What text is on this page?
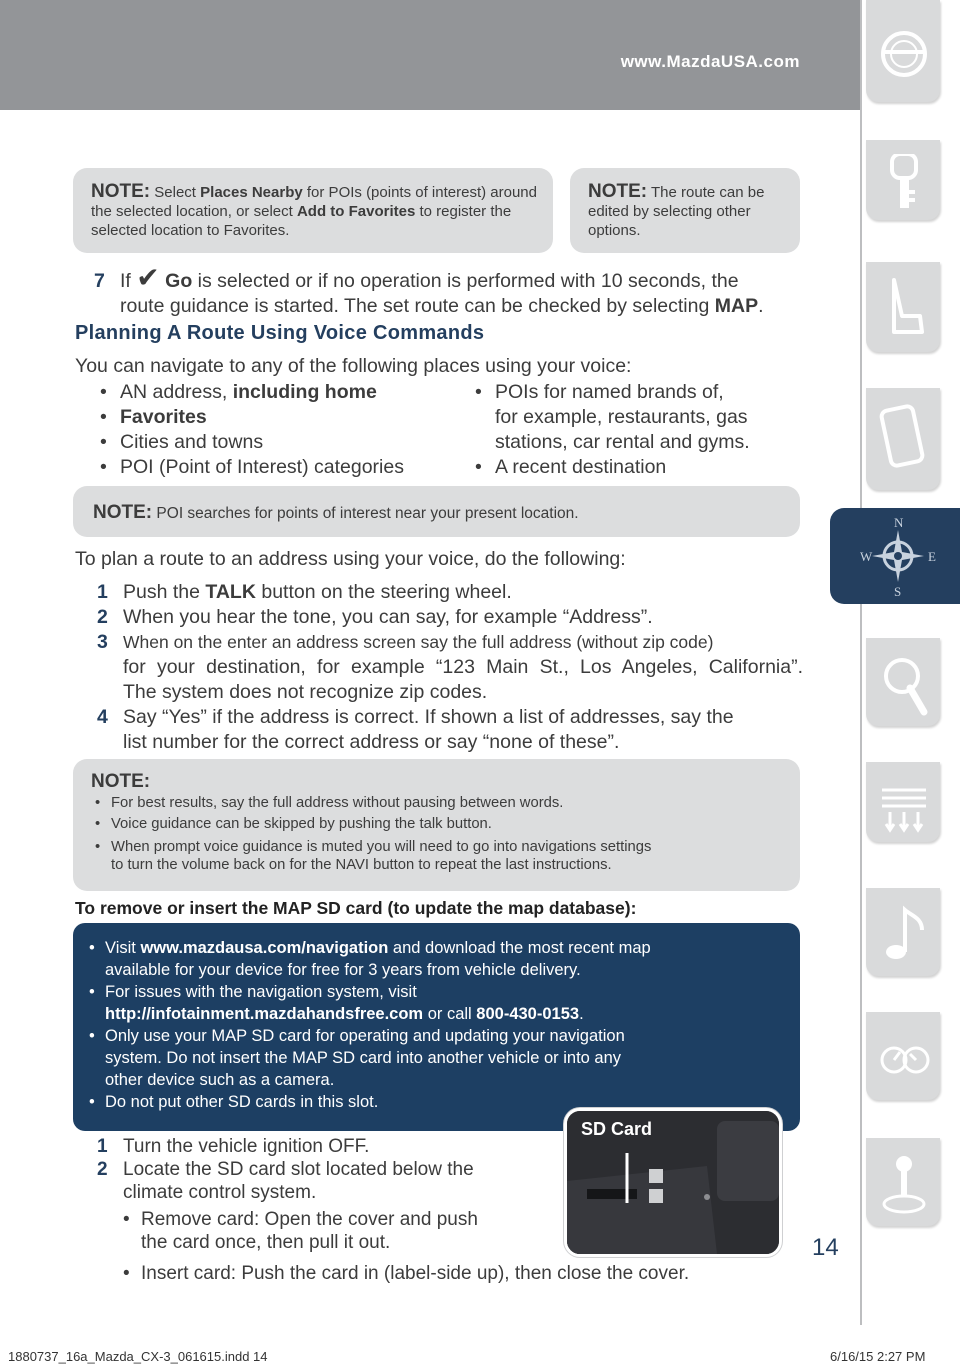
www.MazdaUSA.com
N
W	E
S
NOTE: Select Places Nearby for POIs (points of interest) around the selected location, or select Add to Favorites to register the selected location to Favorites.
NOTE: The route can be edited by selecting other options.
7 If ✔ Go is selected or if no operation is performed with 10 seconds, the
route guidance is started. The set route can be checked by selecting MAP.
Planning A Route Using Voice Commands
You can navigate to any of the following places using your voice:
• AN address, including home
• Favorites
• Cities and towns
• POI (Point of Interest) categories
• POIs for named brands of,
for example, restaurants, gas
stations, car rental and gyms.
• A recent destination
NOTE: POI searches for points of interest near your present location.
To plan a route to an address using your voice, do the following:
1 Push the TALK button on the steering wheel.
2 When you hear the tone, you can say, for example “Address”.
3 When on the enter an address screen say the full address (without zip code)
for your destination, for example “123 Main St., Los Angeles, California”.
The system does not recognize zip codes.
4 Say “Yes” if the address is correct. If shown a list of addresses, say the
list number for the correct address or say “none of these”.
NOTE:
• For best results, say the full address without pausing between words.
• Voice guidance can be skipped by pushing the talk button.
• When prompt voice guidance is muted you will need to go into navigations settings
to turn the volume back on for the NAVI button to repeat the last instructions.
To remove or insert the MAP SD card (to update the map database):
• Visit www.mazdausa.com/navigation and download the most recent map
available for your device for free for 3 years from vehicle delivery.
• For issues with the navigation system, visit
http://infotainment.mazdahandsfree.com or call 800-430-0153.
• Only use your MAP SD card for operating and updating your navigation
system. Do not insert the MAP SD card into another vehicle or into any
other device such as a camera.
• Do not put other SD cards in this slot.
SD Card
1 Turn the vehicle ignition OFF.
2 Locate the SD card slot located below the
climate control system.
• Remove card: Open the cover and push
the card once, then pull it out.
• Insert card: Push the card in (label-side up), then close the cover.
14
1880737_16a_Mazda_CX-3_061615.indd 14	6/16/15 2:27 PM
